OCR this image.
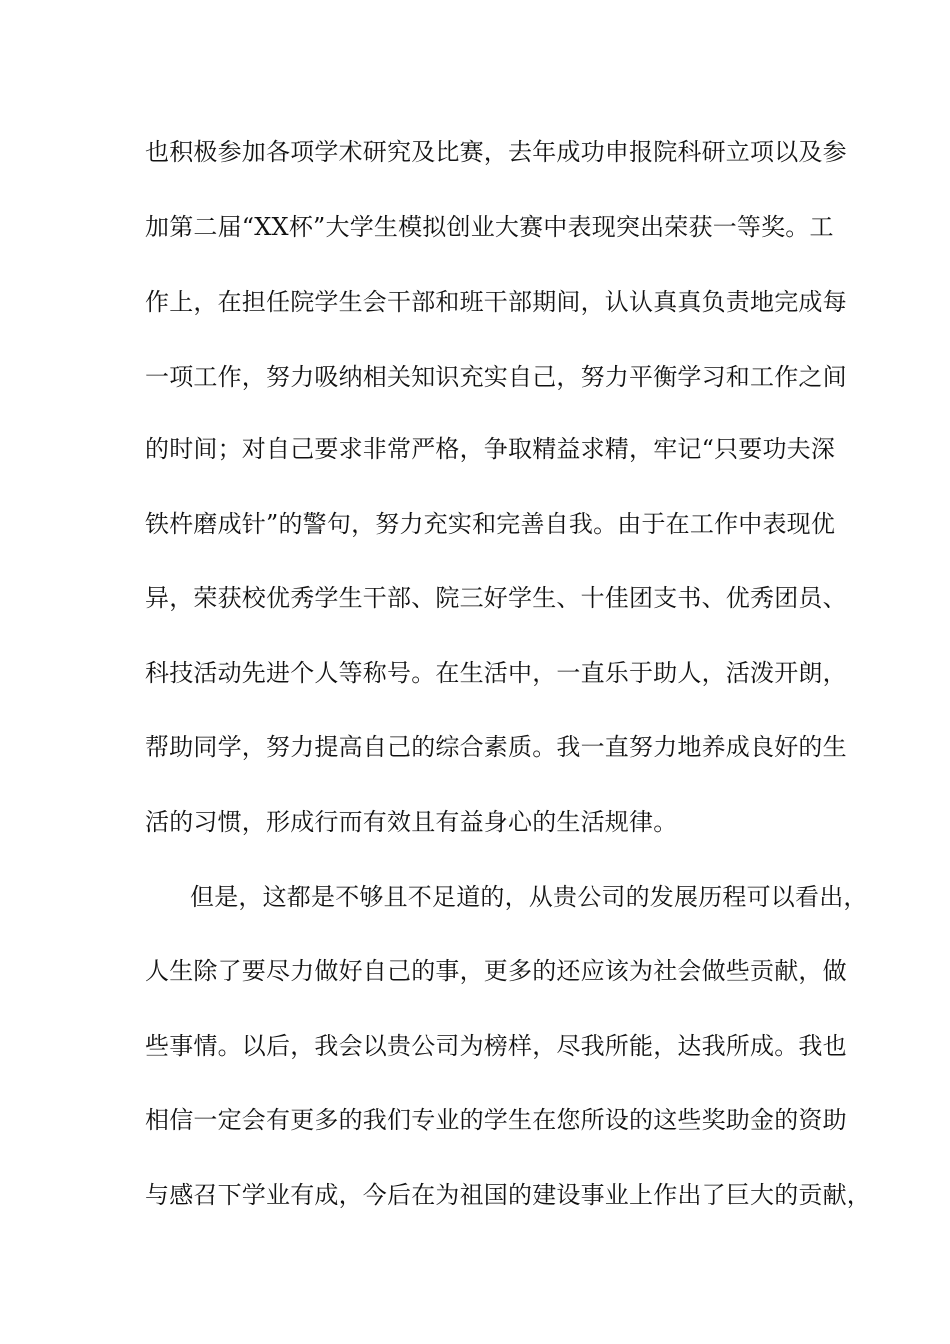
也积极参加各项学术研究及比赛，去年成功申报院科研立项以及参
加第二届“XX杯”大学生模拟创业大赛中表现突出荣获一等奖。工
作上，在担任院学生会干部和班干部期间，认认真真负责地完成每
一项工作，努力吸纳相关知识充实自己，努力平衡学习和工作之间
的时间；对自己要求非常严格，争取精益求精，牢记“只要功夫深
铁杵磨成针”的警句，努力充实和完善自我。由于在工作中表现优
异，荣获校优秀学生干部、院三好学生、十佳团支书、优秀团员、
科技活动先进个人等称号。在生活中，一直乐于助人，活泼开朗，
帮助同学，努力提高自己的综合素质。我一直努力地养成良好的生
活的习惯，形成行而有效且有益身心的生活规律。
但是，这都是不够且不足道的，从贵公司的发展历程可以看出，
人生除了要尽力做好自己的事，更多的还应该为社会做些贡献，做
些事情。以后，我会以贵公司为榜样，尽我所能，达我所成。我也
相信一定会有更多的我们专业的学生在您所设的这些奖助金的资助
与感召下学业有成，今后在为祖国的建设事业上作出了巨大的贡献，
